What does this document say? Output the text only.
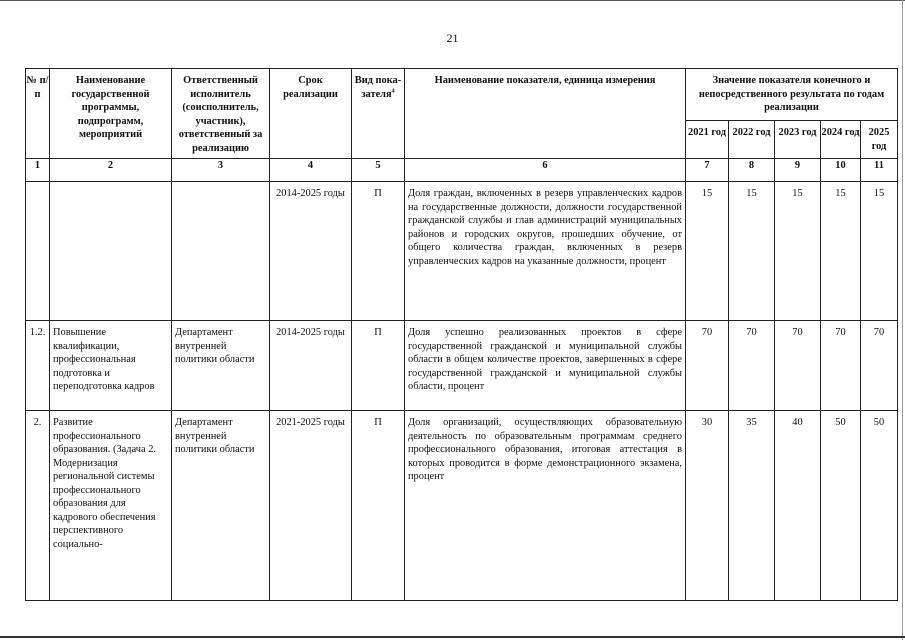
21
№ п/п	Наименование государственной программы, подпрограмм, мероприятий	Ответственный исполнитель (соисполнитель, участник), ответственный за реализацию	Срок реализации	Вид пока-зателя$^4$	Наименование показателя, единица измерения	Значение показателя конечного и непосредственного результата по годам реализации				
						2021 год	2022 год	2023 год	2024 год	2025 год
1	2	3	4	5	6	7	8	9	10	11
			2014-2025 годы	П	Доля граждан, включенных в резерв управленческих кадров на государственные должности, должности государственной гражданской службы и глав администраций муниципальных районов и городских округов, прошедших обучение, от общего количества граждан, включенных в резерв управленческих кадров на указанные должности, процент	15	15	15	15	15
1.2.	Повышение квалификации, профессиональная подготовка и переподготовка кадров	Департамент внутренней политики области	2014-2025 годы	П	Доля успешно реализованных проектов в сфере государственной гражданской и муниципальной службы области в общем количестве проектов, завершенных в сфере государственной гражданской и муниципальной службы области, процент	70	70	70	70	70
2.	Развитие профессионального образования. (Задача 2. Модернизация региональной системы профессионального образования для кадрового обеспечения перспективного социально-	Департамент внутренней политики области	2021-2025 годы	П	Доля организаций, осуществляющих образовательную деятельность по образовательным программам среднего профессионального образования, итоговая аттестация в которых проводится в форме демонстрационного экзамена, процент	30	35	40	50	50
